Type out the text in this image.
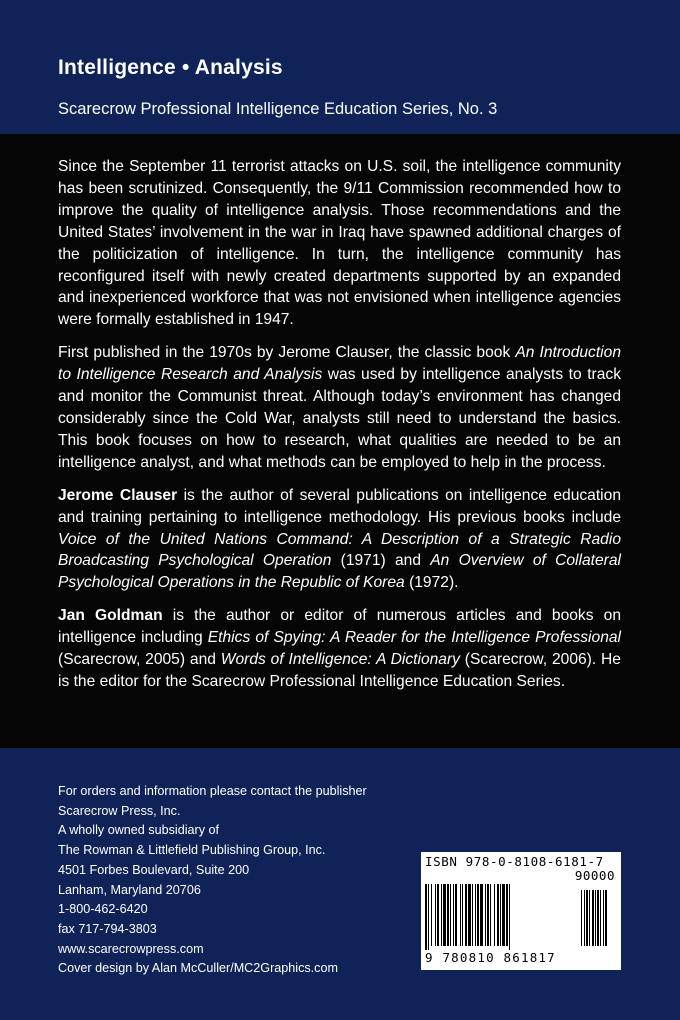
Intelligence • Analysis
Scarecrow Professional Intelligence Education Series, No. 3

Since the September 11 terrorist attacks on U.S. soil, the intelligence community has been scrutinized. Consequently, the 9/11 Commission recommended how to improve the quality of intelligence analysis. Those recommendations and the United States’ involvement in the war in Iraq have spawned additional charges of the politicization of intelligence. In turn, the intelligence community has reconfigured itself with newly created departments supported by an expanded and inexperienced workforce that was not envisioned when intelligence agencies were formally established in 1947.

First published in the 1970s by Jerome Clauser, the classic book An Introduction to Intelligence Research and Analysis was used by intelligence analysts to track and monitor the Communist threat. Although today’s environment has changed considerably since the Cold War, analysts still need to understand the basics. This book focuses on how to research, what qualities are needed to be an intelligence analyst, and what methods can be employed to help in the process.

Jerome Clauser is the author of several publications on intelligence education and training pertaining to intelligence methodology. His previous books include Voice of the United Nations Command: A Description of a Strategic Radio Broadcasting Psychological Operation (1971) and An Overview of Collateral Psychological Operations in the Republic of Korea (1972).

Jan Goldman is the author or editor of numerous articles and books on intelligence including Ethics of Spying: A Reader for the Intelligence Professional (Scarecrow, 2005) and Words of Intelligence: A Dictionary (Scarecrow, 2006). He is the editor for the Scarecrow Professional Intelligence Education Series.

For orders and information please contact the publisher
Scarecrow Press, Inc.
A wholly owned subsidiary of
The Rowman & Littlefield Publishing Group, Inc.
4501 Forbes Boulevard, Suite 200
Lanham, Maryland 20706
1-800-462-6420
fax 717-794-3803
www.scarecrowpress.com
Cover design by Alan McCuller/MC2Graphics.com
ISBN 978-0-8108-6181-7
90000
9 780810 861817
